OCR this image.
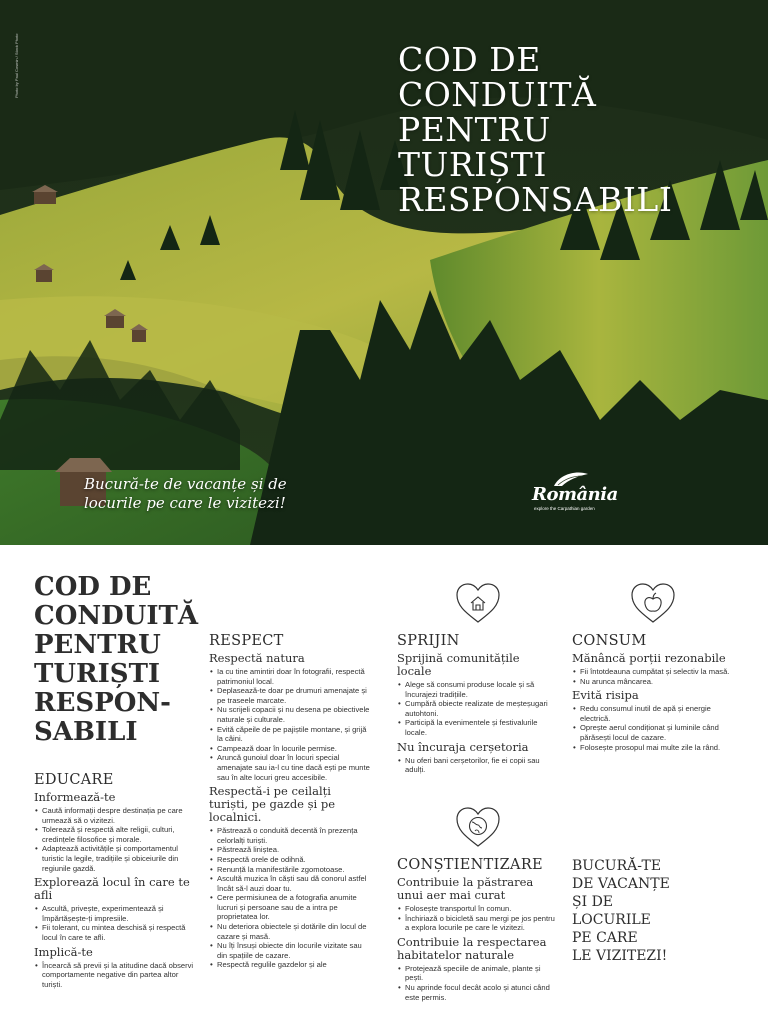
Photo by Paul Cosmin / Stock Photo	COD DE
CONDUITĂ
PENTRU
TURIȘTI
RESPONSABILI
Bucură-te de vacanțe și de locurile pe care le vizitezi!	România
explore the Carpathian garden
COD DE
CONDUITĂ
PENTRU
TURIȘTI
RESPON-
SABILI
EDUCARE
Informează-te
• Caută informații despre destinația pe care urmează să o vizitezi.
• Tolerează și respectă alte religii, culturi, credințele filosofice și morale.
• Adaptează activitățile și comportamentul turistic la legile, tradițiile și obiceiurile din regiunile gazdă.
Explorează locul în care te afli
• Ascultă, privește, experimentează și împărtășește-ți impresiile.
• Fii tolerant, cu mintea deschisă și respectă locul în care te afli.
Implică-te
• Încearcă să previi și la atitudine dacă observi comportamente negative din partea altor turiști.
RESPECT
Respectă natura
• Ia cu tine amintiri doar în fotografii, respectă patrimoniul local.
• Deplasează-te doar pe drumuri amenajate și pe traseele marcate.
• Nu scrijeli copacii și nu desena pe obiectivele naturale și culturale.
• Evită căpeile de pe pajiștile montane, și grijă la câini.
• Campează doar în locurile permise.
• Aruncă gunoiul doar în locuri special amenajate sau ia-l cu tine dacă ești pe munte sau în alte locuri greu accesibile.
Respectă-i pe ceilalți turiști, pe gazde și pe localnici.
• Păstrează o conduită decentă în prezența celorlalți turiști.
• Păstrează liniștea.
• Respectă orele de odihnă.
• Renunță la manifestările zgomotoase.
• Ascultă muzica în căști sau dă conorul astfel încât să-l auzi doar tu.
• Cere permisiunea de a fotografia anumite lucruri și persoane sau de a intra pe proprietatea lor.
• Nu deteriora obiectele și dotările din locul de cazare și masă.
• Nu îți însuși obiecte din locurile vizitate sau din spațiile de cazare.
• Respectă regulile gazdelor și ale
SPRIJIN
Sprijină comunitățile locale
• Alege să consumi produse locale și să încurajezi tradițiile.
• Cumpără obiecte realizate de meșteșugari autohtoni.
• Participă la evenimentele și festivalurile locale.
Nu încuraja cerșetoria
• Nu oferi bani cerșetorilor, fie ei copii sau adulți.
CONSUM
Mănâncă porții rezonabile
• Fii întotdeauna cumpătat și selectiv la masă.
• Nu arunca mâncarea.
Evită risipa
• Redu consumul inutil de apă și energie electrică.
• Oprește aerul condiționat și luminile când părăsești locul de cazare.
• Folosește prosopul mai multe zile la rând.
CONȘTIENTIZARE
Contribuie la păstrarea unui aer mai curat
• Folosește transportul în comun.
• Închiriază o bicicletă sau mergi pe jos pentru a explora locurile pe care le vizitezi.
Contribuie la respectarea habitatelor naturale
• Protejează speciile de animale, plante și pești.
• Nu aprinde focul decât acolo și atunci când este permis.
BUCURĂ-TE
DE VACANȚE
ȘI DE
LOCURILE
PE CARE
LE VIZITEZI!
